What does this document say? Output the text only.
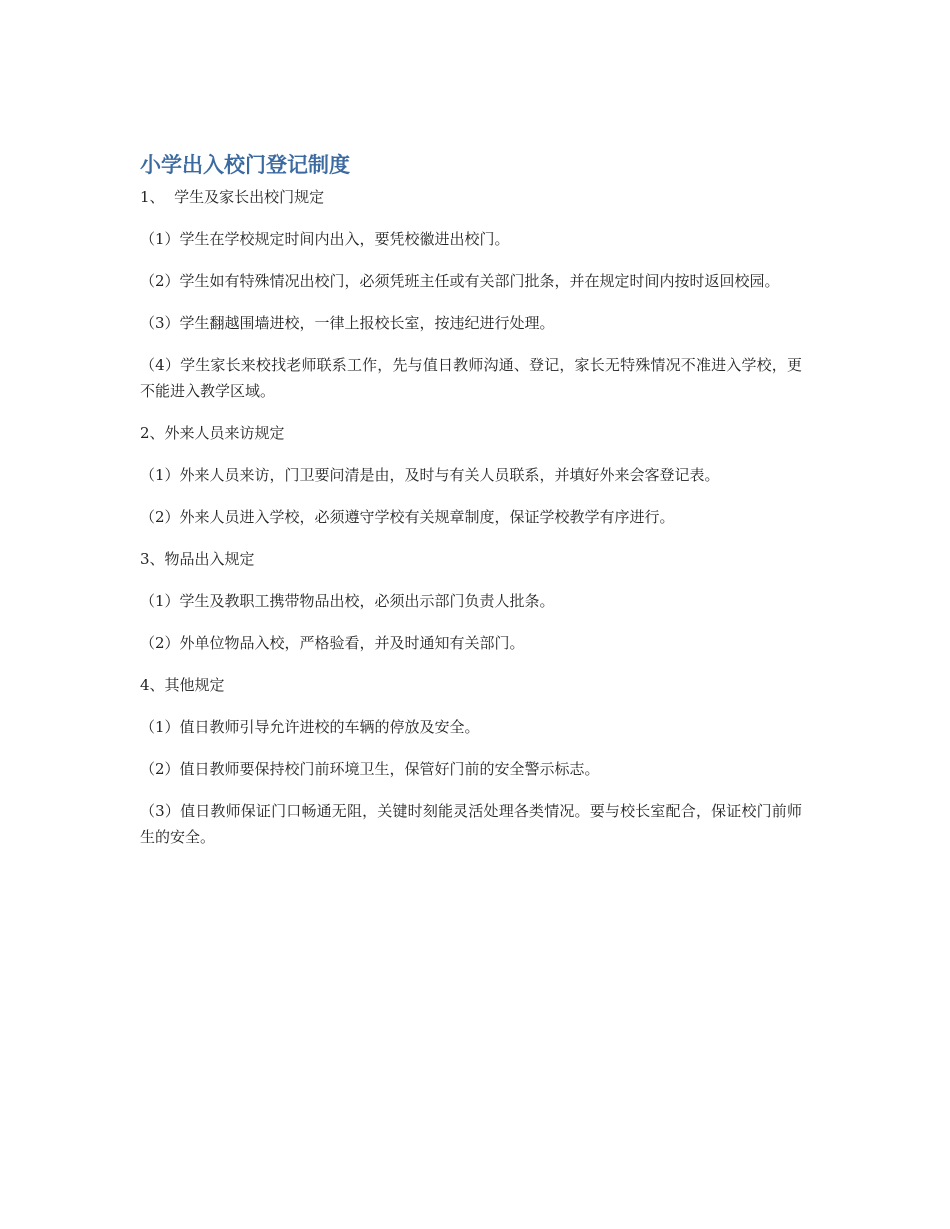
小学出入校门登记制度

1、  学生及家长出校门规定

（1）学生在学校规定时间内出入，要凭校徽进出校门。

（2）学生如有特殊情况出校门，必须凭班主任或有关部门批条，并在规定时间内按时返回校园。

（3）学生翻越围墙进校，一律上报校长室，按违纪进行处理。

（4）学生家长来校找老师联系工作，先与值日教师沟通、登记，家长无特殊情况不准进入学校，更不能进入教学区域。

2、外来人员来访规定

（1）外来人员来访，门卫要问清是由，及时与有关人员联系，并填好外来会客登记表。

（2）外来人员进入学校，必须遵守学校有关规章制度，保证学校教学有序进行。

3、物品出入规定

（1）学生及教职工携带物品出校，必须出示部门负责人批条。

（2）外单位物品入校，严格验看，并及时通知有关部门。

4、其他规定

（1）值日教师引导允许进校的车辆的停放及安全。

（2）值日教师要保持校门前环境卫生，保管好门前的安全警示标志。

（3）值日教师保证门口畅通无阻，关键时刻能灵活处理各类情况。要与校长室配合，保证校门前师生的安全。
